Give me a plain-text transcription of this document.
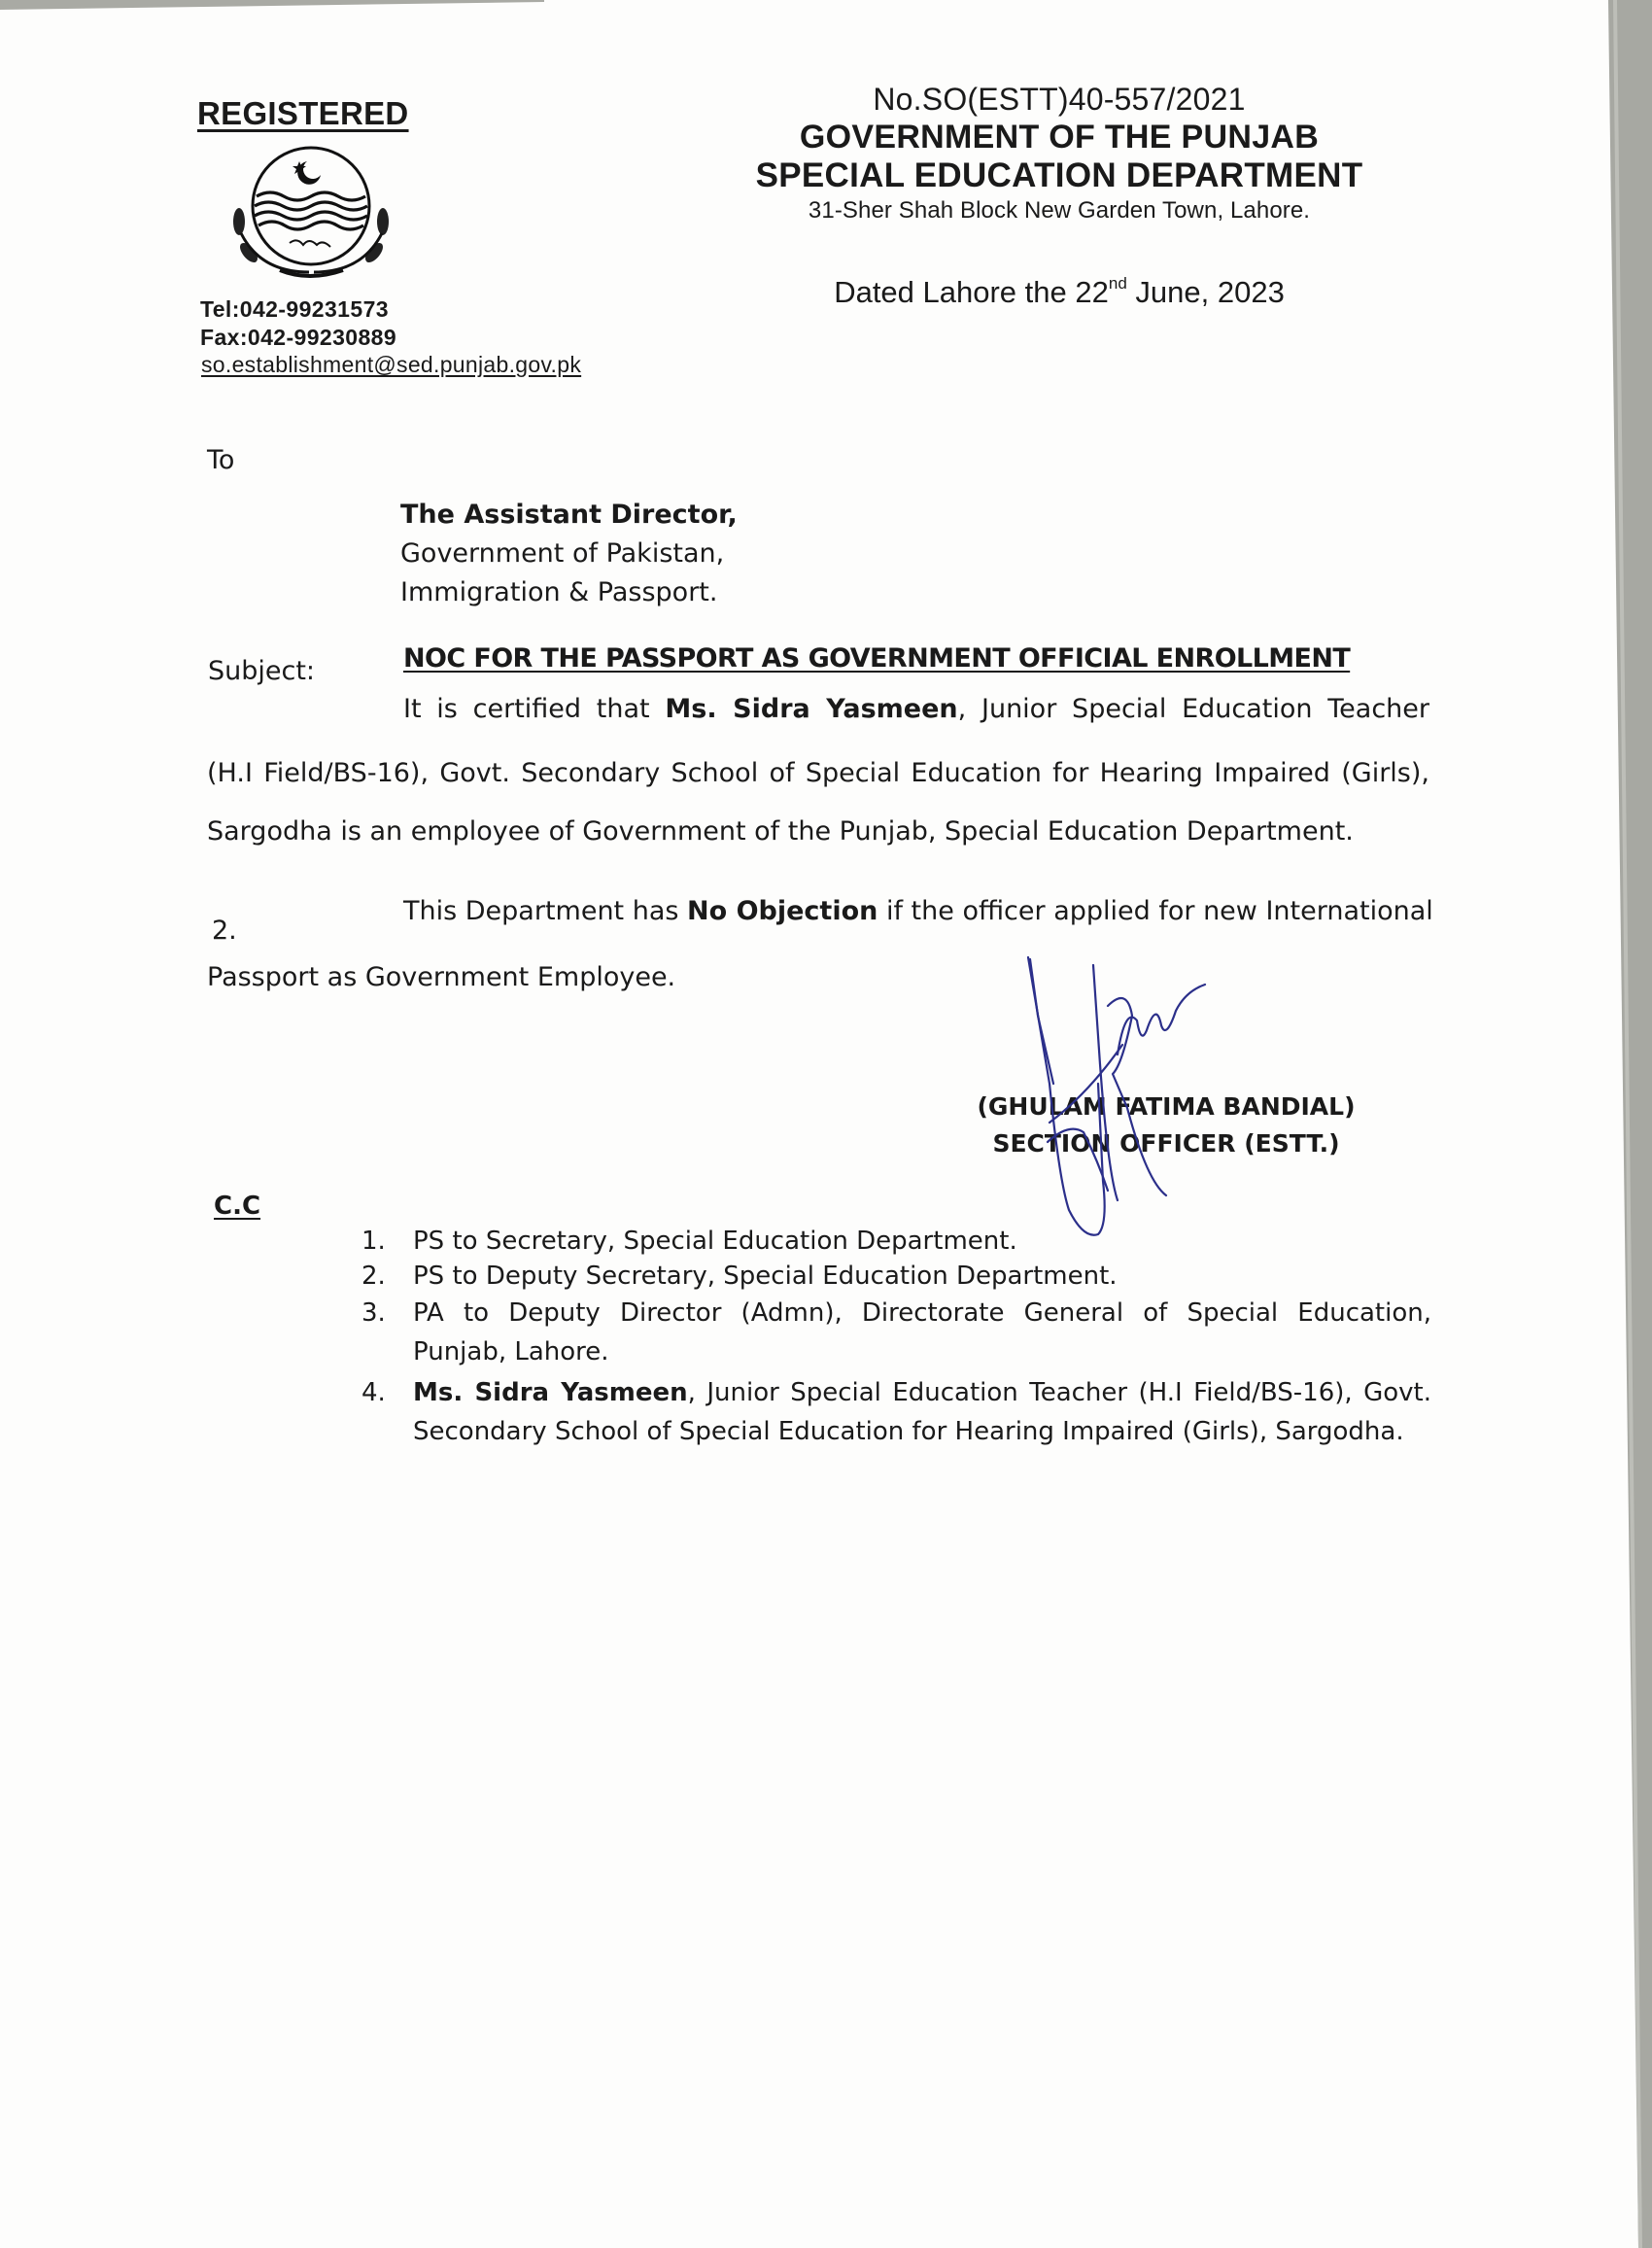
REGISTERED
Tel:042-99231573
Fax:042-99230889
so.establishment@sed.punjab.gov.pk
No.SO(ESTT)40-557/2021
GOVERNMENT OF THE PUNJAB
SPECIAL EDUCATION DEPARTMENT
31-Sher Shah Block New Garden Town, Lahore.
Dated Lahore the 22nd June, 2023
To
The Assistant Director,
Government of Pakistan,
Immigration & Passport.
Subject:	NOC FOR THE PASSPORT AS GOVERNMENT OFFICIAL ENROLLMENT
It is certified that Ms. Sidra Yasmeen, Junior Special Education Teacher
(H.I Field/BS-16), Govt. Secondary School of Special Education for Hearing Impaired (Girls),
Sargodha is an employee of Government of the Punjab, Special Education Department.
2.
This Department has No Objection if the officer applied for new International
Passport as Government Employee.
(GHULAM FATIMA BANDIAL)
SECTION OFFICER (ESTT.)
C.C
1. PS to Secretary, Special Education Department.
2. PS to Deputy Secretary, Special Education Department.
3. PA to Deputy Director (Admn), Directorate General of Special Education,
Punjab, Lahore.
4. Ms. Sidra Yasmeen, Junior Special Education Teacher (H.I Field/BS-16), Govt.
Secondary School of Special Education for Hearing Impaired (Girls), Sargodha.
